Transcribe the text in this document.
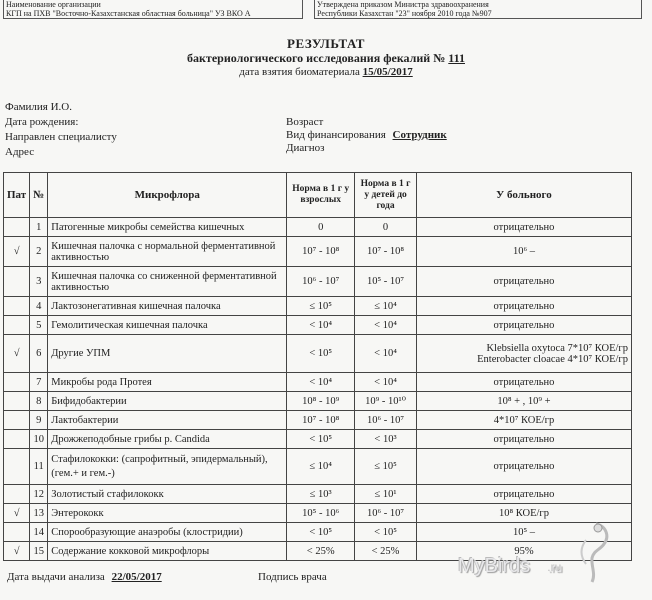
Наименование организации
КГП на ПХВ "Восточно-Казахстанская областная больница" УЗ ВКО А
Утверждена приказом Министра здравоохранения
Республики Казахстан "23" ноября 2010 года №907
РЕЗУЛЬТАТ
бактериологического исследования фекалий № 111
дата взятия биоматериала 15/05/2017
Фамилия И.О.
Дата рождения:
Направлен специалисту
Адрес
Возраст
Вид финансирования Сотрудник
Диагноз
Пат	№	Микрофлора	Норма в 1 г у взрослых	Норма в 1 г у детей до года	У больного
	1	Патогенные микробы семейства кишечных	0	0	отрицательно
√	2	Кишечная палочка с нормальной ферментативной активностью	10⁷ - 10⁸	10⁷ - 10⁸	10⁶ –
	3	Кишечная палочка со сниженной ферментативной активностью	10⁶ - 10⁷	10⁵ - 10⁷	отрицательно
	4	Лактозонегативная кишечная палочка	≤ 10⁵	≤ 10⁴	отрицательно
	5	Гемолитическая кишечная палочка	< 10⁴	< 10⁴	отрицательно
√	6	Другие УПМ	< 10⁵	< 10⁴	Klebsiella oxytoca 7*10⁷ КОЕ/гр
Enterobacter cloacae 4*10⁷ КОЕ/гр
	7	Микробы рода Протея	< 10⁴	< 10⁴	отрицательно
	8	Бифидобактерии	10⁸ - 10⁹	10⁹ - 10¹⁰	10⁸ + , 10⁹ +
	9	Лактобактерии	10⁷ - 10⁸	10⁶ - 10⁷	4*10⁷ КОЕ/гр
	10	Дрожжеподобные грибы р. Candida	< 10⁵	< 10³	отрицательно
	11	Стафилококки: (сапрофитный, эпидермальный), (гем.+ и гем.-)	≤ 10⁴	≤ 10⁵	отрицательно
	12	Золотистый стафилококк	≤ 10³	≤ 10¹	отрицательно
√	13	Энтерококк	10⁵ - 10⁶	10⁶ - 10⁷	10⁸ КОЕ/гр
	14	Спорообразующие анаэробы (клостридии)	< 10⁵	< 10⁵	10⁵ –
√	15	Содержание кокковой микрофлоры	< 25%	< 25%	95%
Дата выдачи анализа 22/05/2017	Подпись врача	MyBirds .ru
